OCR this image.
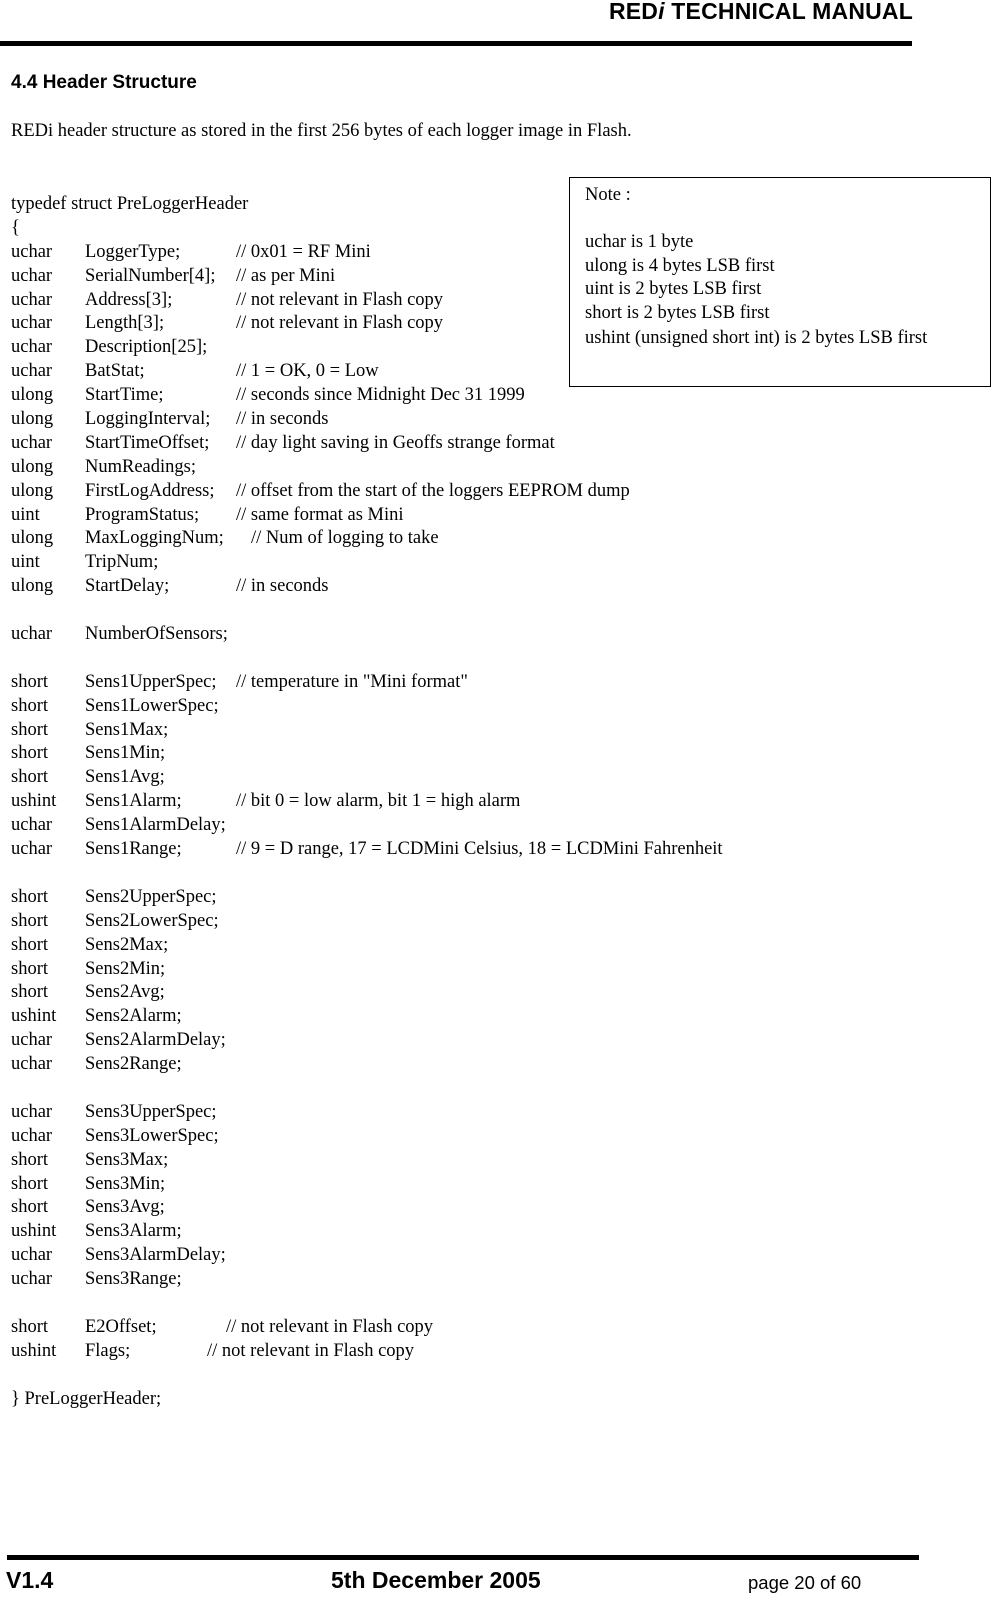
REDi TECHNICAL MANUAL
4.4 Header Structure
REDi header structure as stored in the first 256 bytes of each logger image in Flash.
typedef struct PreLoggerHeader
{
uchar LoggerType;	// 0x01 = RF Mini
uchar SerialNumber[4]; // as per Mini
uchar Address[3];	// not relevant in Flash copy
uchar Length[3];	// not relevant in Flash copy
uchar Description[25];
uchar BatStat;	// 1 = OK, 0 = Low
ulong StartTime;	// seconds since Midnight Dec 31 1999
ulong LoggingInterval; // in seconds
uchar StartTimeOffset; // day light saving in Geoffs strange format
ulong NumReadings;
ulong FirstLogAddress; // offset from the start of the loggers EEPROM dump
uint ProgramStatus; // same format as Mini
ulong MaxLoggingNum; // Num of logging to take
uint TripNum;
ulong StartDelay;	// in seconds
uchar NumberOfSensors;
short Sens1UpperSpec; // temperature in "Mini format"
short Sens1LowerSpec;
short Sens1Max;
short Sens1Min;
short Sens1Avg;
ushint Sens1Alarm;	// bit 0 = low alarm, bit 1 = high alarm
uchar Sens1AlarmDelay;
uchar Sens1Range;	// 9 = D range, 17 = LCDMini Celsius, 18 = LCDMini Fahrenheit
short Sens2UpperSpec;
short Sens2LowerSpec;
short Sens2Max;
short Sens2Min;
short Sens2Avg;
ushint Sens2Alarm;
uchar Sens2AlarmDelay;
uchar Sens2Range;
uchar Sens3UpperSpec;
uchar Sens3LowerSpec;
short Sens3Max;
short Sens3Min;
short Sens3Avg;
ushint Sens3Alarm;
uchar Sens3AlarmDelay;
uchar Sens3Range;
short E2Offset;	// not relevant in Flash copy
ushint Flags;	// not relevant in Flash copy
} PreLoggerHeader;
Note :
uchar is 1 byte
ulong is 4 bytes LSB first
uint is 2 bytes LSB first
short is 2 bytes LSB first
ushint (unsigned short int) is 2 bytes LSB first
V1.4	5th December 2005	page 20 of 60
